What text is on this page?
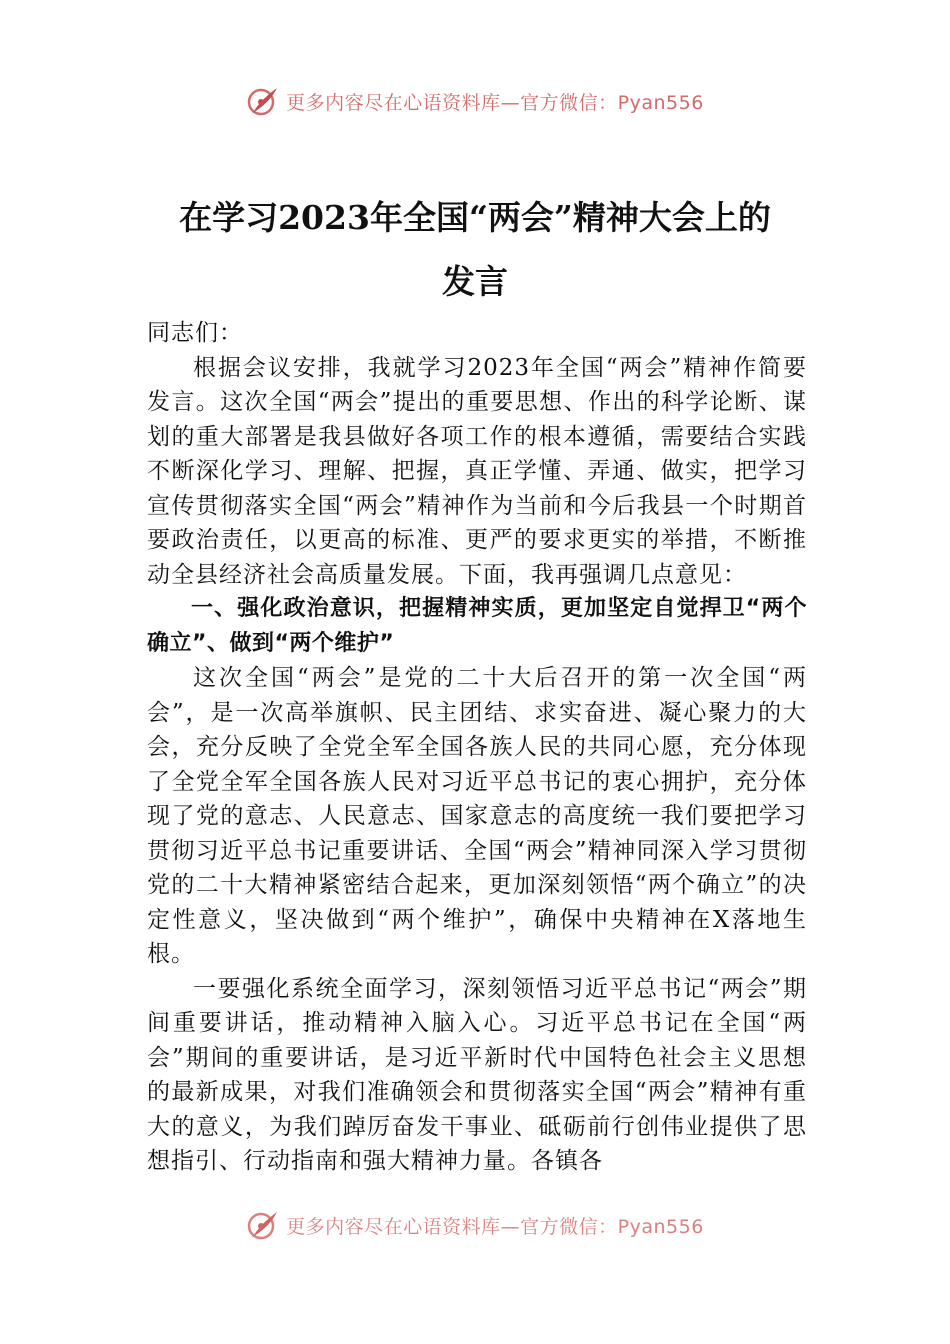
更多内容尽在心语资料库—官方微信：Pyan556
在学习2023年全国“两会”精神大会上的
发言

同志们：

根据会议安排，我就学习2023年全国“两会”精神作简要发言。这次全国“两会”提出的重要思想、作出的科学论断、谋划的重大部署是我县做好各项工作的根本遵循，需要结合实践不断深化学习、理解、把握，真正学懂、弄通、做实，把学习宣传贯彻落实全国“两会”精神作为当前和今后我县一个时期首要政治责任，以更高的标准、更严的要求更实的举措，不断推动全县经济社会高质量发展。下面，我再强调几点意见：

一、强化政治意识，把握精神实质，更加坚定自觉捍卫“两个确立”、做到“两个维护”

这次全国“两会”是党的二十大后召开的第一次全国“两会”，是一次高举旗帜、民主团结、求实奋进、凝心聚力的大会，充分反映了全党全军全国各族人民的共同心愿，充分体现了全党全军全国各族人民对习近平总书记的衷心拥护，充分体现了党的意志、人民意志、国家意志的高度统一我们要把学习贯彻习近平总书记重要讲话、全国“两会”精神同深入学习贯彻党的二十大精神紧密结合起来，更加深刻领悟“两个确立”的决定性意义，坚决做到“两个维护”，确保中央精神在X落地生根。

一要强化系统全面学习，深刻领悟习近平总书记“两会”期间重要讲话，推动精神入脑入心。习近平总书记在全国“两会”期间的重要讲话，是习近平新时代中国特色社会主义思想的最新成果，对我们准确领会和贯彻落实全国“两会”精神有重大的意义，为我们踔厉奋发干事业、砥砺前行创伟业提供了思想指引、行动指南和强大精神力量。各镇各

更多内容尽在心语资料库—官方微信：Pyan556
